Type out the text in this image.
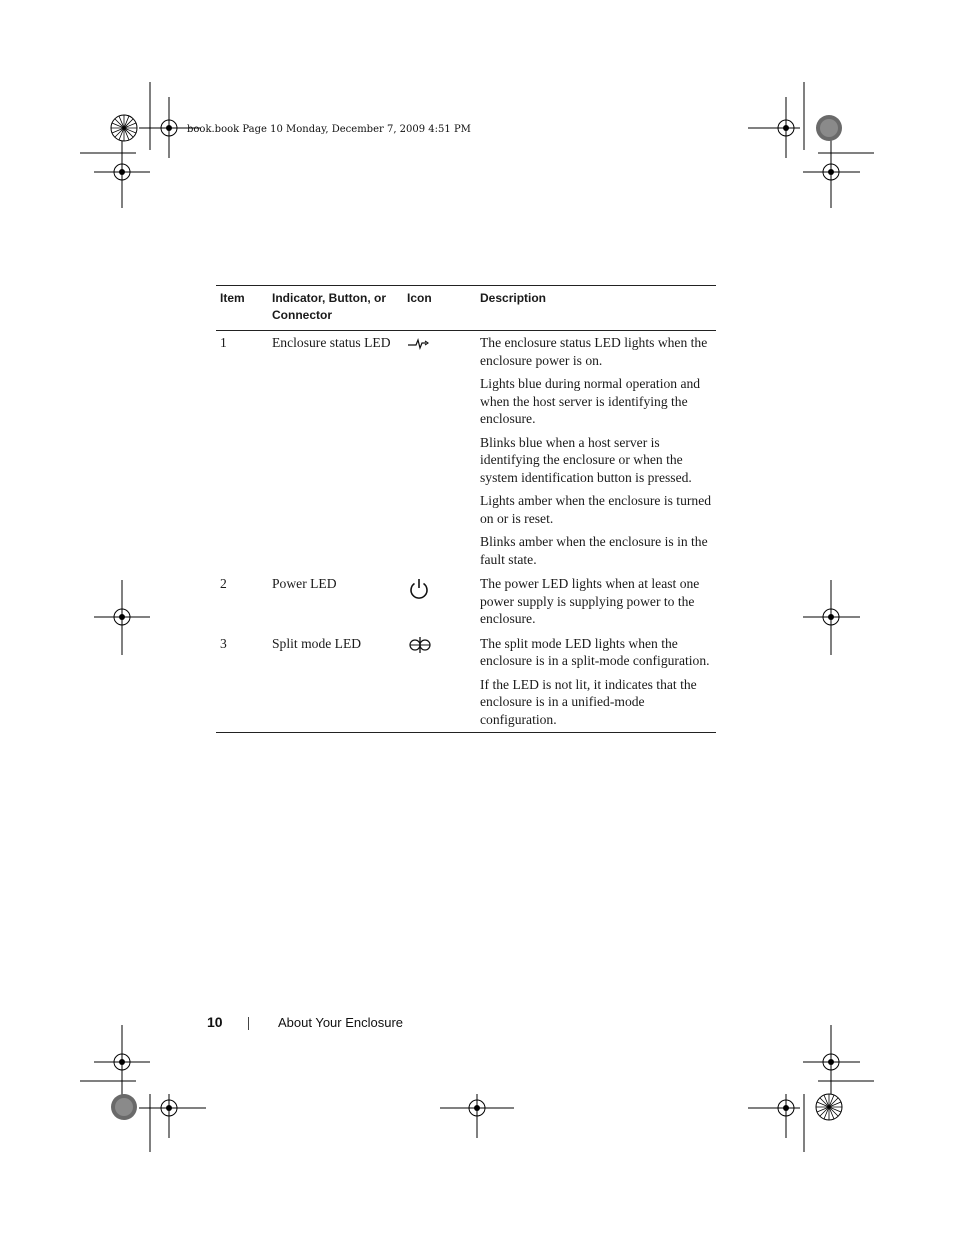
book.book Page 10 Monday, December 7, 2009 4:51 PM
Item	Indicator, Button, or Connector	Icon	Description
1	Enclosure status LED		The enclosure status LED lights when the enclosure power is on.

Lights blue during normal operation and when the host server is identifying the enclosure.

Blinks blue when a host server is identifying the enclosure or when the system identification button is pressed.

Lights amber when the enclosure is turned on or is reset.

Blinks amber when the enclosure is in the fault state.

2	Power LED		The power LED lights when at least one power supply is supplying power to the enclosure.

3	Split mode LED		The split mode LED lights when the enclosure is in a split-mode configuration.

If the LED is not lit, it indicates that the enclosure is in a unified-mode configuration.

10	About Your Enclosure
